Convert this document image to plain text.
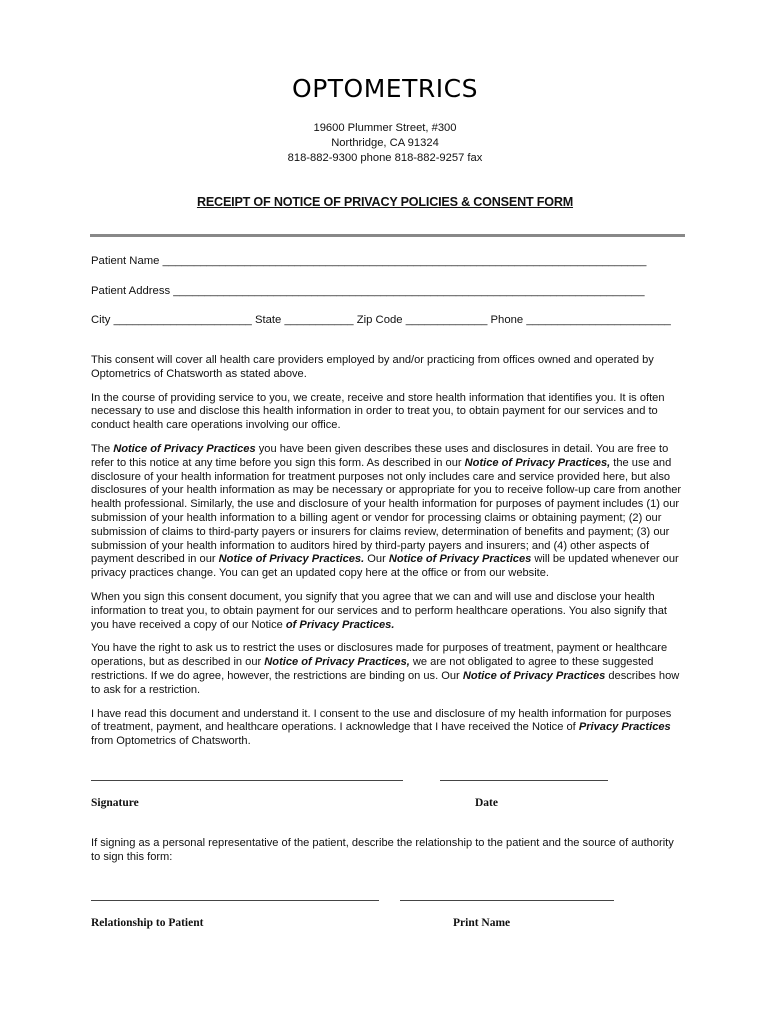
OPTOMETRICS
19600 Plummer Street, #300
Northridge, CA 91324
818-882-9300 phone 818-882-9257 fax
RECEIPT OF NOTICE OF PRIVACY POLICIES & CONSENT FORM
Patient Name _____________________________________________________________________________
Patient Address ___________________________________________________________________________
City ______________________ State ___________ Zip Code _____________ Phone _______________________

This consent will cover all health care providers employed by and/or practicing from offices owned and operated by Optometrics of Chatsworth as stated above.

In the course of providing service to you, we create, receive and store health information that identifies you. It is often necessary to use and disclose this health information in order to treat you, to obtain payment for our services and to conduct health care operations involving our office.

The Notice of Privacy Practices you have been given describes these uses and disclosures in detail. You are free to refer to this notice at any time before you sign this form. As described in our Notice of Privacy Practices, the use and disclosure of your health information for treatment purposes not only includes care and service provided here, but also disclosures of your health information as may be necessary or appropriate for you to receive follow-up care from another health professional. Similarly, the use and disclosure of your health information for purposes of payment includes (1) our submission of your health information to a billing agent or vendor for processing claims or obtaining payment; (2) our submission of claims to third-party payers or insurers for claims review, determination of benefits and payment; (3) our submission of your health information to auditors hired by third-party payers and insurers; and (4) other aspects of payment described in our Notice of Privacy Practices. Our Notice of Privacy Practices will be updated whenever our privacy practices change. You can get an updated copy here at the office or from our website.

When you sign this consent document, you signify that you agree that we can and will use and disclose your health information to treat you, to obtain payment for our services and to perform healthcare operations. You also signify that you have received a copy of our Notice of Privacy Practices.

You have the right to ask us to restrict the uses or disclosures made for purposes of treatment, payment or healthcare operations, but as described in our Notice of Privacy Practices, we are not obligated to agree to these suggested restrictions. If we do agree, however, the restrictions are binding on us. Our Notice of Privacy Practices describes how to ask for a restriction.

I have read this document and understand it. I consent to the use and disclosure of my health information for purposes of treatment, payment, and healthcare operations. I acknowledge that I have received the Notice of Privacy Practices from Optometrics of Chatsworth.

Signature	Date
If signing as a personal representative of the patient, describe the relationship to the patient and the source of authority to sign this form:
Relationship to Patient	Print Name
